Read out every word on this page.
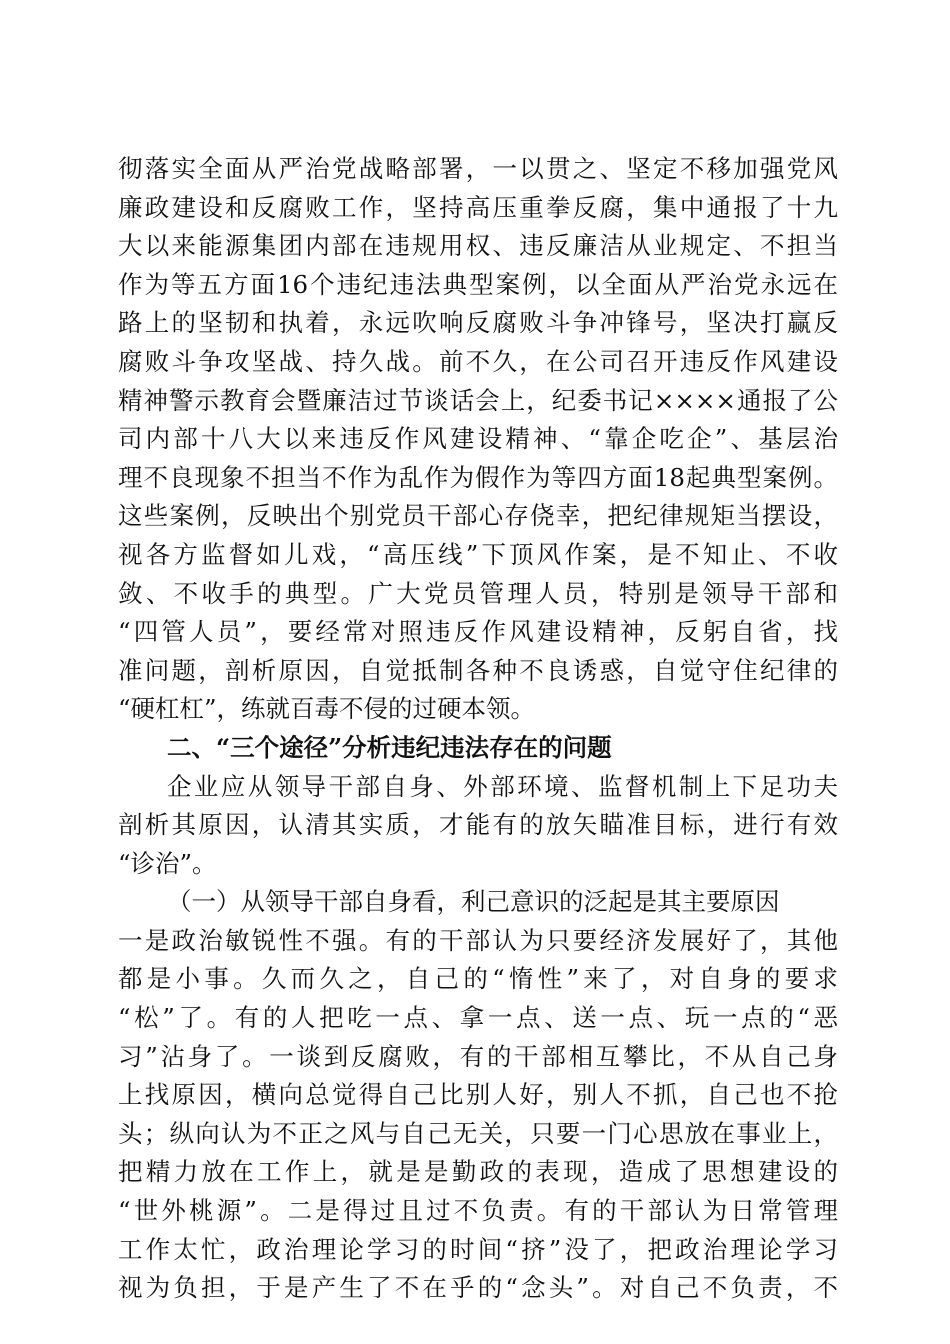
彻落实全面从严治党战略部署，一以贯之、坚定不移加强党风
廉政建设和反腐败工作，坚持高压重拳反腐，集中通报了十九
大以来能源集团内部在违规用权、违反廉洁从业规定、不担当
作为等五方面16个违纪违法典型案例，以全面从严治党永远在
路上的坚韧和执着，永远吹响反腐败斗争冲锋号，坚决打赢反
腐败斗争攻坚战、持久战。前不久，在公司召开违反作风建设
精神警示教育会暨廉洁过节谈话会上，纪委书记××××通报了公
司内部十八大以来违反作风建设精神、“靠企吃企”、基层治
理不良现象不担当不作为乱作为假作为等四方面18起典型案例。
这些案例，反映出个别党员干部心存侥幸，把纪律规矩当摆设，
视各方监督如儿戏，“高压线”下顶风作案，是不知止、不收
敛、不收手的典型。广大党员管理人员，特别是领导干部和
“四管人员”，要经常对照违反作风建设精神，反躬自省，找
准问题，剖析原因，自觉抵制各种不良诱惑，自觉守住纪律的
“硬杠杠”，练就百毒不侵的过硬本领。
二、“三个途径”分析违纪违法存在的问题
企业应从领导干部自身、外部环境、监督机制上下足功夫
剖析其原因，认清其实质，才能有的放矢瞄准目标，进行有效
“诊治”。
（一）从领导干部自身看，利己意识的泛起是其主要原因
一是政治敏锐性不强。有的干部认为只要经济发展好了，其他
都是小事。久而久之，自己的“惰性”来了，对自身的要求
“松”了。有的人把吃一点、拿一点、送一点、玩一点的“恶
习”沾身了。一谈到反腐败，有的干部相互攀比，不从自己身
上找原因，横向总觉得自己比别人好，别人不抓，自己也不抢
头；纵向认为不正之风与自己无关，只要一门心思放在事业上，
把精力放在工作上，就是是勤政的表现，造成了思想建设的
“世外桃源”。二是得过且过不负责。有的干部认为日常管理
工作太忙，政治理论学习的时间“挤”没了，把政治理论学习
视为负担，于是产生了不在乎的“念头”。对自己不负责，不
